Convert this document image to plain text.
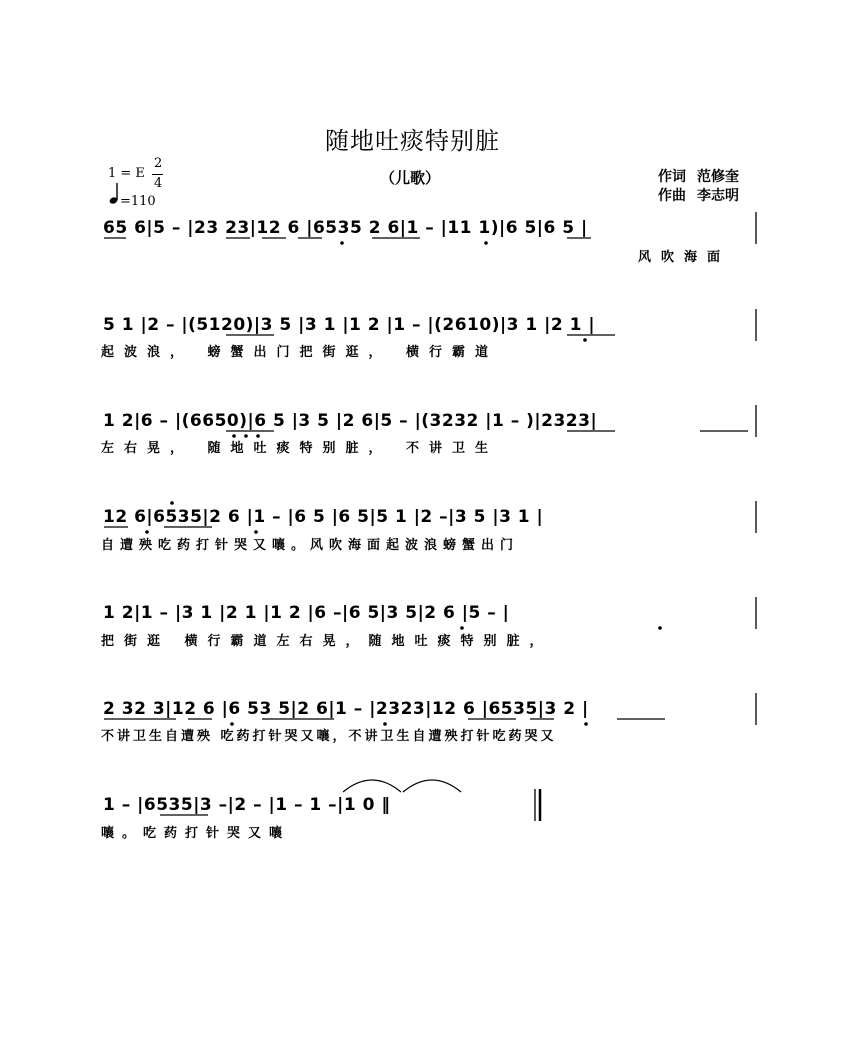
随地吐痰特别脏
1 = E
2
4
=110
（儿歌）	作词 范修奎
作曲 李志明
65 6|5 – |23 23|12 6 |6535 2 6|1 – |11 1)|6 5|6 5 |
风吹海面
5 1 |2 – |(5120)|3 5 |3 1 |1 2 |1 – |(2610)|3 1 |2 1 |
起波浪， 螃蟹出门把街逛， 横行霸道
1 2|6 – |(6650)|6 5 |3 5 |2 6|5 – |(3232 |1 – )|2323|
左右晃， 随地吐痰特别脏， 不讲卫生
12 6|6535|2 6 |1 – |6 5 |6 5|5 1 |2 –|3 5 |3 1 |
自遭殃吃药打针哭又嚷。风吹海面起波浪螃蟹出门
1 2|1 – |3 1 |2 1 |1 2 |6 –|6 5|3 5|2 6 |5 – |
把街逛 横行霸道左右晃，随地吐痰特别脏，
2 32 3|12 6 |6 53 5|2 6|1 – |2323|12 6 |6535|3 2 |
不讲卫生自遭殃 吃药打针哭又嚷，不讲卫生自遭殃打针吃药哭又
1 – |6535|3 –|2 – |1 – 1 –|1 0 ‖
嚷。吃药打针哭又嚷
